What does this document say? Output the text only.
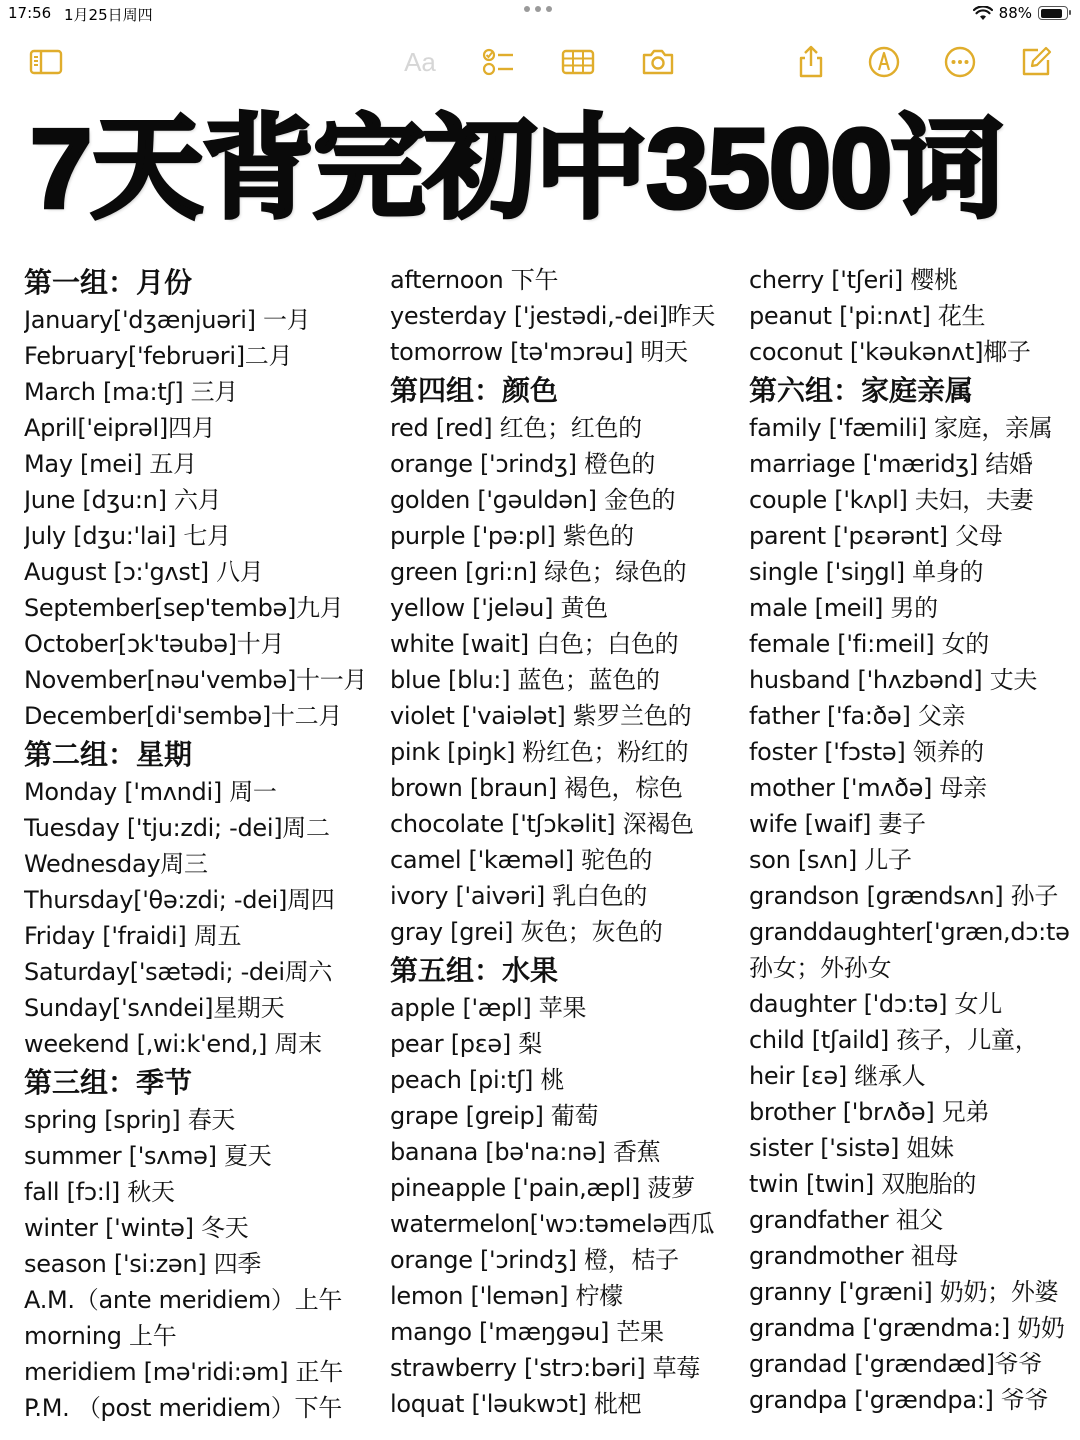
17:56 1月25日周四	88%
Aa
7天背完初中3500词
第一组：月份
January['dʒænjuəri] 一月
February['februəri]二月
March [ma:tʃ] 三月
April['eiprəl]四月
May [mei] 五月
June [dʒu:n] 六月
July [dʒu:'lai] 七月
August [ɔ:'gʌst] 八月
September[sep'tembə]九月
October[ɔk'təubə]十月
November[nəu'vembə]十一月
December[di'sembə]十二月
第二组：星期
Monday ['mʌndi] 周一
Tuesday ['tju:zdi; -dei]周二
Wednesday周三
Thursday['θə:zdi; -dei]周四
Friday ['fraidi] 周五
Saturday['sætədi; -dei周六
Sunday['sʌndei]星期天
weekend [,wi:k'end,] 周末
第三组：季节
spring [spriŋ] 春天
summer ['sʌmə] 夏天
fall [fɔ:l] 秋天
winter ['wintə] 冬天
season ['si:zən] 四季
A.M.（ante meridiem）上午
morning 上午
meridiem [mə'ridi:əm] 正午
P.M. （post meridiem）下午
afternoon 下午
yesterday ['jestədi,-dei]昨天
tomorrow [tə'mɔrəu] 明天
第四组：颜色
red [red] 红色；红色的
orange ['ɔrindʒ] 橙色的
golden ['gəuldən] 金色的
purple ['pə:pl] 紫色的
green [gri:n] 绿色；绿色的
yellow ['jeləu] 黄色
white [wait] 白色；白色的
blue [blu:] 蓝色；蓝色的
violet ['vaiələt] 紫罗兰色的
pink [piŋk] 粉红色；粉红的
brown [braun] 褐色，棕色
chocolate ['tʃɔkəlit] 深褐色
camel ['kæməl] 驼色的
ivory ['aivəri] 乳白色的
gray [grei] 灰色；灰色的
第五组：水果
apple ['æpl] 苹果
pear [pɛə] 梨
peach [pi:tʃ] 桃
grape [greip] 葡萄
banana [bə'na:nə] 香蕉
pineapple ['pain,æpl] 菠萝
watermelon['wɔ:təmelə西瓜
orange ['ɔrindʒ] 橙，桔子
lemon ['lemən] 柠檬
mango ['mæŋgəu] 芒果
strawberry ['strɔ:bəri] 草莓
loquat ['ləukwɔt] 枇杷
cherry ['tʃeri] 樱桃
peanut ['pi:nʌt] 花生
coconut ['kəukənʌt]椰子
第六组：家庭亲属
family ['fæmili] 家庭，亲属
marriage ['mæridʒ] 结婚
couple ['kʌpl] 夫妇，夫妻
parent ['pɛərənt] 父母
single ['siŋgl] 单身的
male [meil] 男的
female ['fi:meil] 女的
husband ['hʌzbənd] 丈夫
father ['fa:ðə] 父亲
foster ['fɔstə] 领养的
mother ['mʌðə] 母亲
wife [waif] 妻子
son [sʌn] 儿子
grandson [grændsʌn] 孙子
granddaughter['græn,dɔ:tə
孙女；外孙女
daughter ['dɔ:tə] 女儿
child [tʃaild] 孩子，儿童，
heir [ɛə] 继承人
brother ['brʌðə] 兄弟
sister ['sistə] 姐妹
twin [twin] 双胞胎的
grandfather 祖父
grandmother 祖母
granny ['græni] 奶奶；外婆
grandma ['grændma:] 奶奶
grandad ['grændæd]爷爷
grandpa ['grændpa:] 爷爷
